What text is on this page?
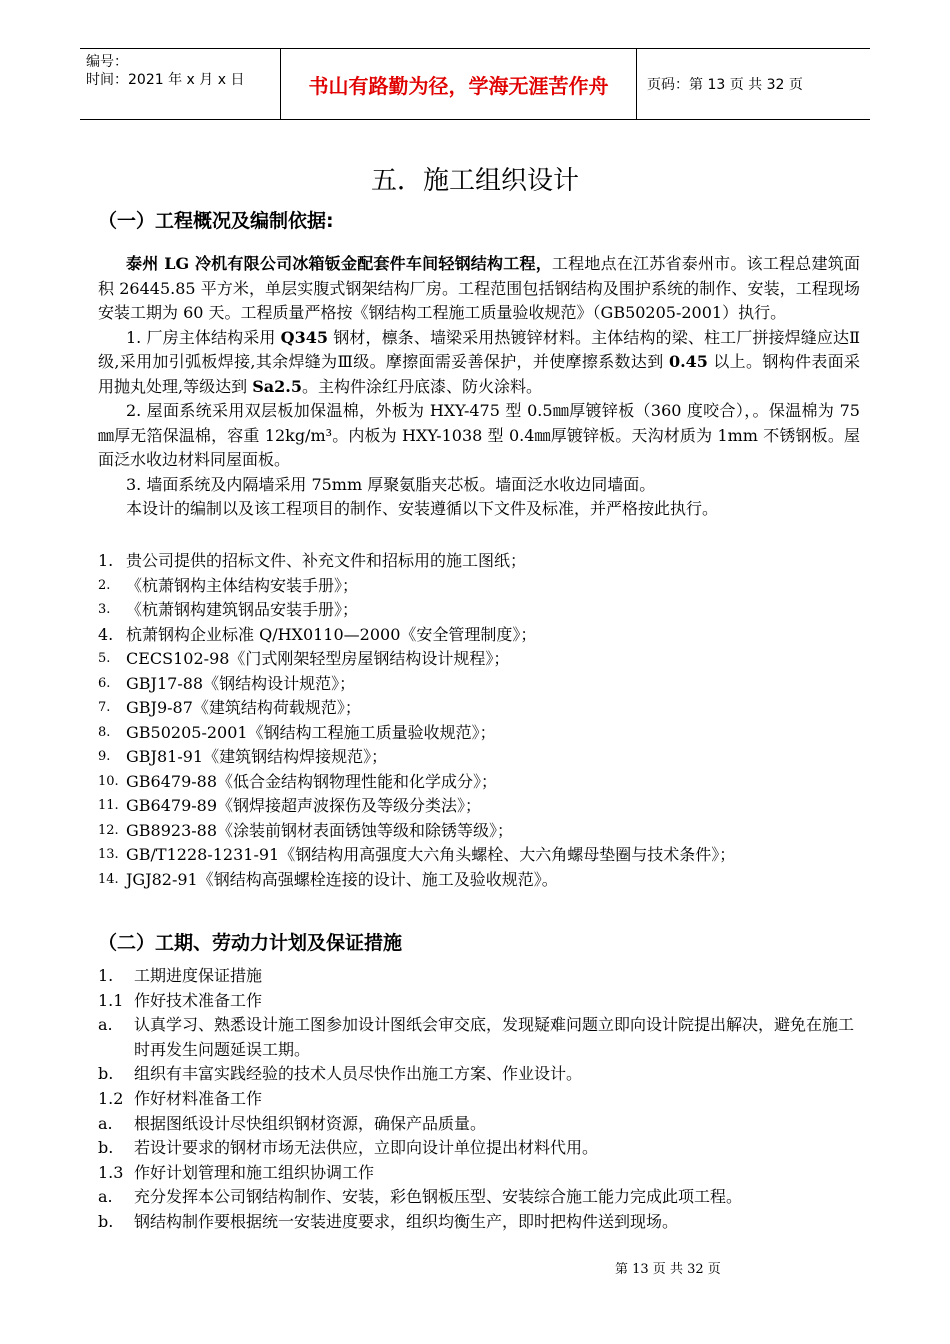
编号：
时间：2021 年 x 月 x 日	书山有路勤为径，学海无涯苦作舟	页码：第 13 页 共 32 页
五．施工组织设计
（一）工程概况及编制依据:

泰州 LG 冷机有限公司冰箱钣金配套件车间轻钢结构工程，工程地点在江苏省泰州市。该工程总建筑面积 26445.85 平方米，单层实腹式钢架结构厂房。工程范围包括钢结构及围护系统的制作、安装，工程现场安装工期为 60 天。工程质量严格按《钢结构工程施工质量验收规范》（GB50205-2001）执行。

1. 厂房主体结构采用 Q345 钢材，檩条、墙梁采用热镀锌材料。主体结构的梁、柱工厂拼接焊缝应达Ⅱ级,采用加引弧板焊接,其余焊缝为Ⅲ级。摩擦面需妥善保护，并使摩擦系数达到 0.45 以上。钢构件表面采用抛丸处理,等级达到 Sa2.5。主构件涂红丹底漆、防火涂料。

2. 屋面系统采用双层板加保温棉，外板为 HXY-475 型 0.5㎜厚镀锌板（360 度咬合），。保温棉为 75㎜厚无箔保温棉，容重 12kg/m³。内板为 HXY-1038 型 0.4㎜厚镀锌板。天沟材质为 1mm 不锈钢板。屋面泛水收边材料同屋面板。

3. 墙面系统及内隔墙采用 75mm 厚聚氨脂夹芯板。墙面泛水收边同墙面。

本设计的编制以及该工程项目的制作、安装遵循以下文件及标准，并严格按此执行。

1. 贵公司提供的招标文件、补充文件和招标用的施工图纸；
2. 《杭萧钢构主体结构安装手册》；
3. 《杭萧钢构建筑钢品安装手册》；
4. 杭萧钢构企业标准 Q/HX0110—2000《安全管理制度》；
5. CECS102-98《门式刚架轻型房屋钢结构设计规程》；
6. GBJ17-88《钢结构设计规范》；
7. GBJ9-87《建筑结构荷载规范》；
8. GB50205-2001《钢结构工程施工质量验收规范》；
9. GBJ81-91《建筑钢结构焊接规范》；
10. GB6479-88《低合金结构钢物理性能和化学成分》；
11. GB6479-89《钢焊接超声波探伤及等级分类法》；
12. GB8923-88《涂装前钢材表面锈蚀等级和除锈等级》；
13. GB/T1228-1231-91《钢结构用高强度大六角头螺栓、大六角螺母垫圈与技术条件》；
14. JGJ82-91《钢结构高强螺栓连接的设计、施工及验收规范》。
（二）工期、劳动力计划及保证措施
1.	工期进度保证措施
1.1 作好技术准备工作
a.	认真学习、熟悉设计施工图参加设计图纸会审交底，发现疑难问题立即向设计院提出解决，避免在施工时再发生问题延误工期。
b.	组织有丰富实践经验的技术人员尽快作出施工方案、作业设计。
1.2 作好材料准备工作
a.	根据图纸设计尽快组织钢材资源，确保产品质量。
b.	若设计要求的钢材市场无法供应，立即向设计单位提出材料代用。
1.3 作好计划管理和施工组织协调工作
a.	充分发挥本公司钢结构制作、安装，彩色钢板压型、安装综合施工能力完成此项工程。
b.	钢结构制作要根据统一安装进度要求，组织均衡生产，即时把构件送到现场。
第 13 页 共 32 页
